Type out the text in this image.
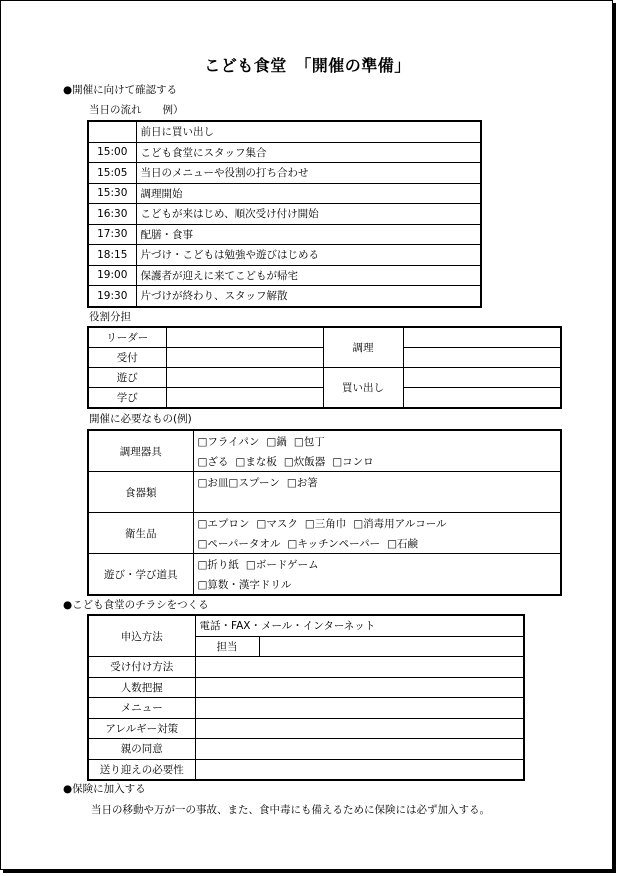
こども食堂　「開催の準備」
●開催に向けて確認する
当日の流れ　　例）
	前日に買い出し
15:00	こども食堂にスタッフ集合
15:05	当日のメニューや役割の打ち合わせ
15:30	調理開始
16:30	こどもが来はじめ、順次受け付け開始
17:30	配膳・食事
18:15	片づけ・こどもは勉強や遊びはじめる
19:00	保護者が迎えに来てこどもが帰宅
19:30	片づけが終わり、スタッフ解散
役割分担
リーダー		調理	
受付			
遊び		買い出し	
学び			
開催に必要なもの(例)
調理器具	□フライパン □鍋 □包丁
	□ざる □まな板 □炊飯器 □コンロ
食器類	□お皿□スプーン □お箸

衛生品	□エプロン □マスク □三角巾 □消毒用アルコール
	□ペーパータオル □キッチンペーパー □石鹸
遊び・学び道具	□折り紙 □ボードゲーム
	□算数・漢字ドリル
●こども食堂のチラシをつくる
申込方法	電話・FAX・メール・インターネット	
	担当	
受け付け方法		
人数把握		
メニュー		
アレルギー対策		
親の同意		
送り迎えの必要性		
●保険に加入する
当日の移動や万が一の事故、また、食中毒にも備えるために保険には必ず加入する。
